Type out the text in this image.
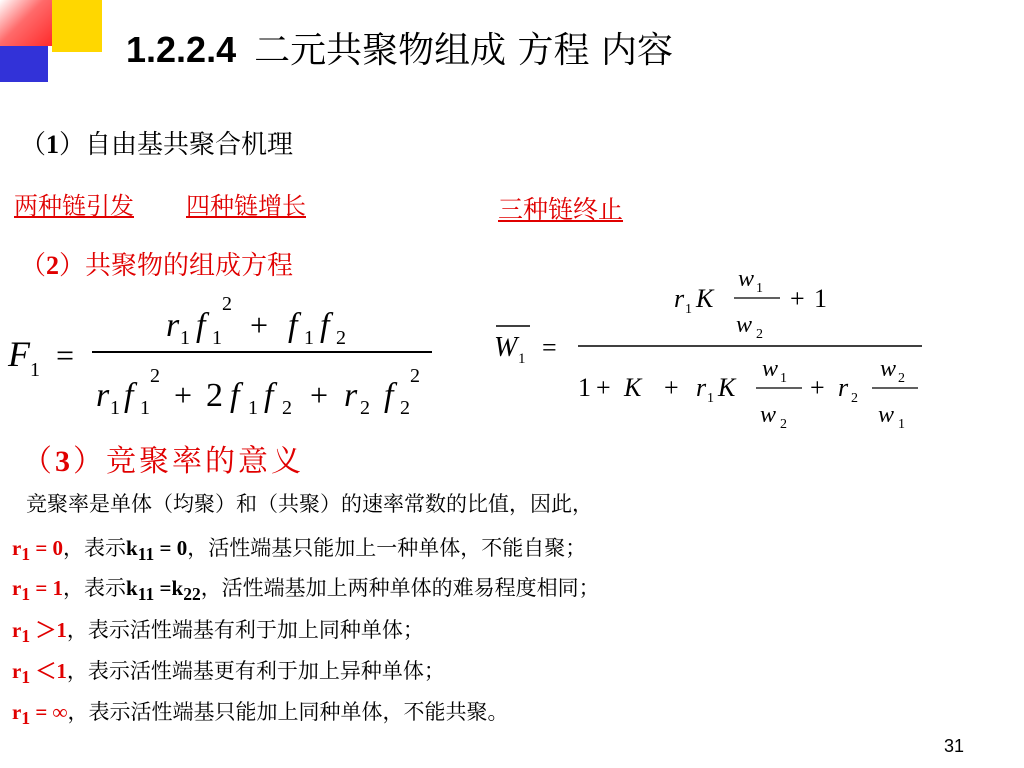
1.2.2.4 二元共聚物组成 方程 内容
（1）自由基共聚合机理
两种链引发 四种链增长	三种链终止
（2）共聚物的组成方程
F 1 =
r 1 f 1
2
+ f 1 f 2
r 1 f 1
2
+ 2 f 1 f 2 + r 2 f 2
2
W 1 =
r 1 K
w 1
w 2
+ 1
1 + K + r 1 K
w 1
w 2
+ r 2
w 2
w 1
（3）竞聚率的意义
竞聚率是单体（均聚）和（共聚）的速率常数的比值，因此，
$r_1 = 0$，表示$k_{11} = 0$，活性端基只能加上一种单体，不能自聚；
$r_1 = 1$，表示$k_{11} =k_{22}$，活性端基加上两种单体的难易程度相同；
$r_1 >1$，表示活性端基有利于加上同种单体；
$r_1 <1$，表示活性端基更有利于加上异种单体；
$r_1$ = ∞，表示活性端基只能加上同种单体，不能共聚。
31
